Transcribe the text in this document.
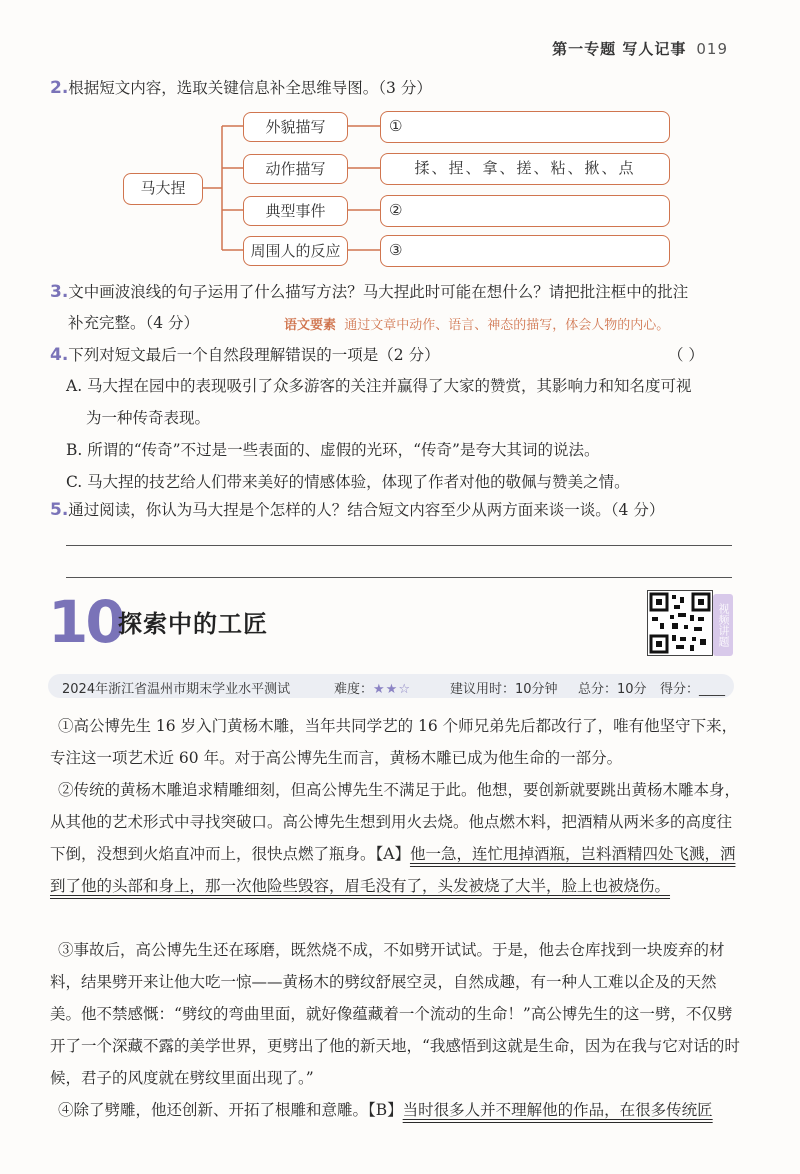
第一专题 写人记事 019
2.根据短文内容，选取关键信息补全思维导图。（3 分）
马大捏
外貌描写
动作描写
典型事件
周围人的反应
①
揉、捏、拿、搓、粘、揪、点
②
③
3.文中画波浪线的句子运用了什么描写方法？马大捏此时可能在想什么？请把批注框中的批注
补充完整。（4 分）	语文要素 通过文章中动作、语言、神态的描写，体会人物的内心。
4.下列对短文最后一个自然段理解错误的一项是（2 分）	（ ）
A. 马大捏在园中的表现吸引了众多游客的关注并赢得了大家的赞赏，其影响力和知名度可视
为一种传奇表现。
B. 所谓的“传奇”不过是一些表面的、虚假的光环，“传奇”是夸大其词的说法。
C. 马大捏的技艺给人们带来美好的情感体验，体现了作者对他的敬佩与赞美之情。
5.通过阅读，你认为马大捏是个怎样的人？结合短文内容至少从两方面来谈一谈。（4 分）
10
探索中的工匠	视频讲题
2024年浙江省温州市期末学业水平测试	难度：★★☆	建议用时：10分钟 总分：10分 得分：____
①高公博先生 16 岁入门黄杨木雕，当年共同学艺的 16 个师兄弟先后都改行了，唯有他坚守下来，专注这一项艺术近 60 年。对于高公博先生而言，黄杨木雕已成为他生命的一部分。
②传统的黄杨木雕追求精雕细刻，但高公博先生不满足于此。他想，要创新就要跳出黄杨木雕本身，从其他的艺术形式中寻找突破口。高公博先生想到用火去烧。他点燃木料，把酒精从两米多的高度往下倒，没想到火焰直冲而上，很快点燃了瓶身。【A】他一急，连忙甩掉酒瓶，岂料酒精四处飞溅，洒到了他的头部和身上，那一次他险些毁容，眉毛没有了，头发被烧了大半，脸上也被烧伤。
③事故后，高公博先生还在琢磨，既然烧不成，不如劈开试试。于是，他去仓库找到一块废弃的材料，结果劈开来让他大吃一惊——黄杨木的劈纹舒展空灵，自然成趣，有一种人工难以企及的天然美。他不禁感慨：“劈纹的弯曲里面，就好像蕴藏着一个流动的生命！”高公博先生的这一劈，不仅劈开了一个深藏不露的美学世界，更劈出了他的新天地，“我感悟到这就是生命，因为在我与它对话的时候，君子的风度就在劈纹里面出现了。”
④除了劈雕，他还创新、开拓了根雕和意雕。【B】当时很多人并不理解他的作品，在很多传统匠
